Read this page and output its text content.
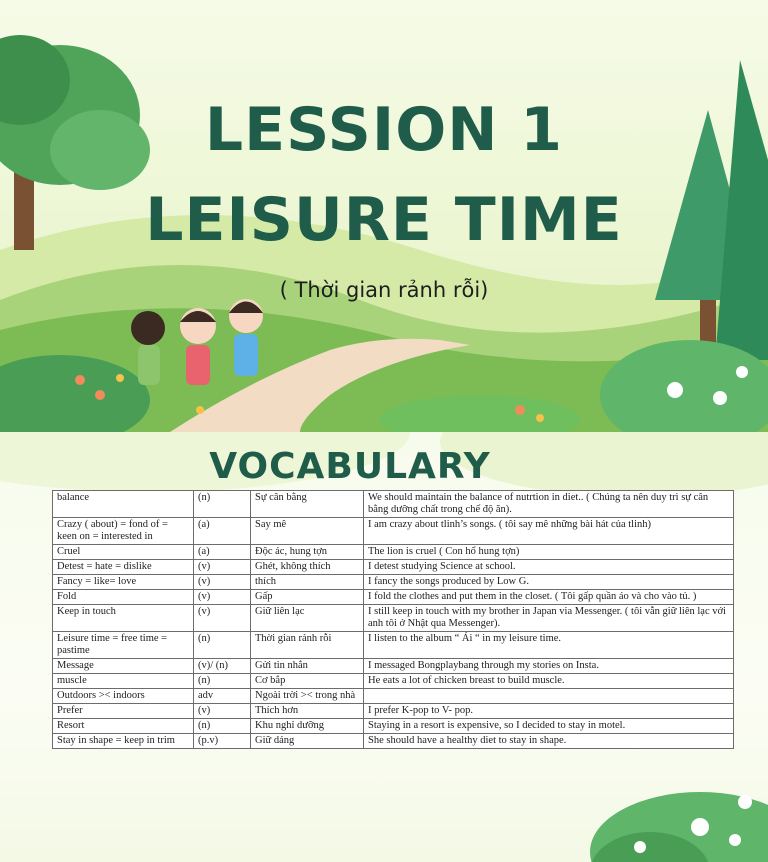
LESSION 1
LEISURE TIME
( Thời gian rảnh rỗi)
VOCABULARY
balance	(n)	Sự cân bằng	We should maintain the balance of nutrtion in diet.. ( Chúng ta nên duy trì sự cân bằng dưỡng chất trong chế độ ăn).
Crazy ( about) = fond of = keen on = interested in	(a)	Say mê	I am crazy about tlinh’s songs. ( tôi say mê những bài hát của tlinh)
Cruel	(a)	Độc ác, hung tợn	The lion is cruel ( Con hổ hung tợn)
Detest = hate = dislike	(v)	Ghét, không thích	I detest studying Science at school.
Fancy = like= love	(v)	thích	I fancy the songs produced by Low G.
Fold	(v)	Gấp	I fold the clothes and put them in the closet. ( Tôi gấp quần áo và cho vào tủ. )
Keep in touch	(v)	Giữ liên lạc	I still keep in touch with my brother in Japan via Messenger. ( tôi vẫn giữ liên lạc với anh tôi ở Nhật qua Messenger).
Leisure time = free time = pastime	(n)	Thời gian rảnh rỗi	I listen to the album “ Ái “ in my leisure time.
Message	(v)/ (n)	Gửi tin nhắn	I messaged Bongplaybang through my stories on Insta.
muscle	(n)	Cơ bắp	He eats a lot of chicken breast to build muscle.
Outdoors >< indoors	adv	Ngoài trời >< trong nhà	
Prefer	(v)	Thích hơn	I prefer K-pop to V- pop.
Resort	(n)	Khu nghỉ dưỡng	Staying in a resort is expensive, so I decided to stay in motel.
Stay in shape = keep in trim	(p.v)	Giữ dáng	She should have a healthy diet to stay in shape.
